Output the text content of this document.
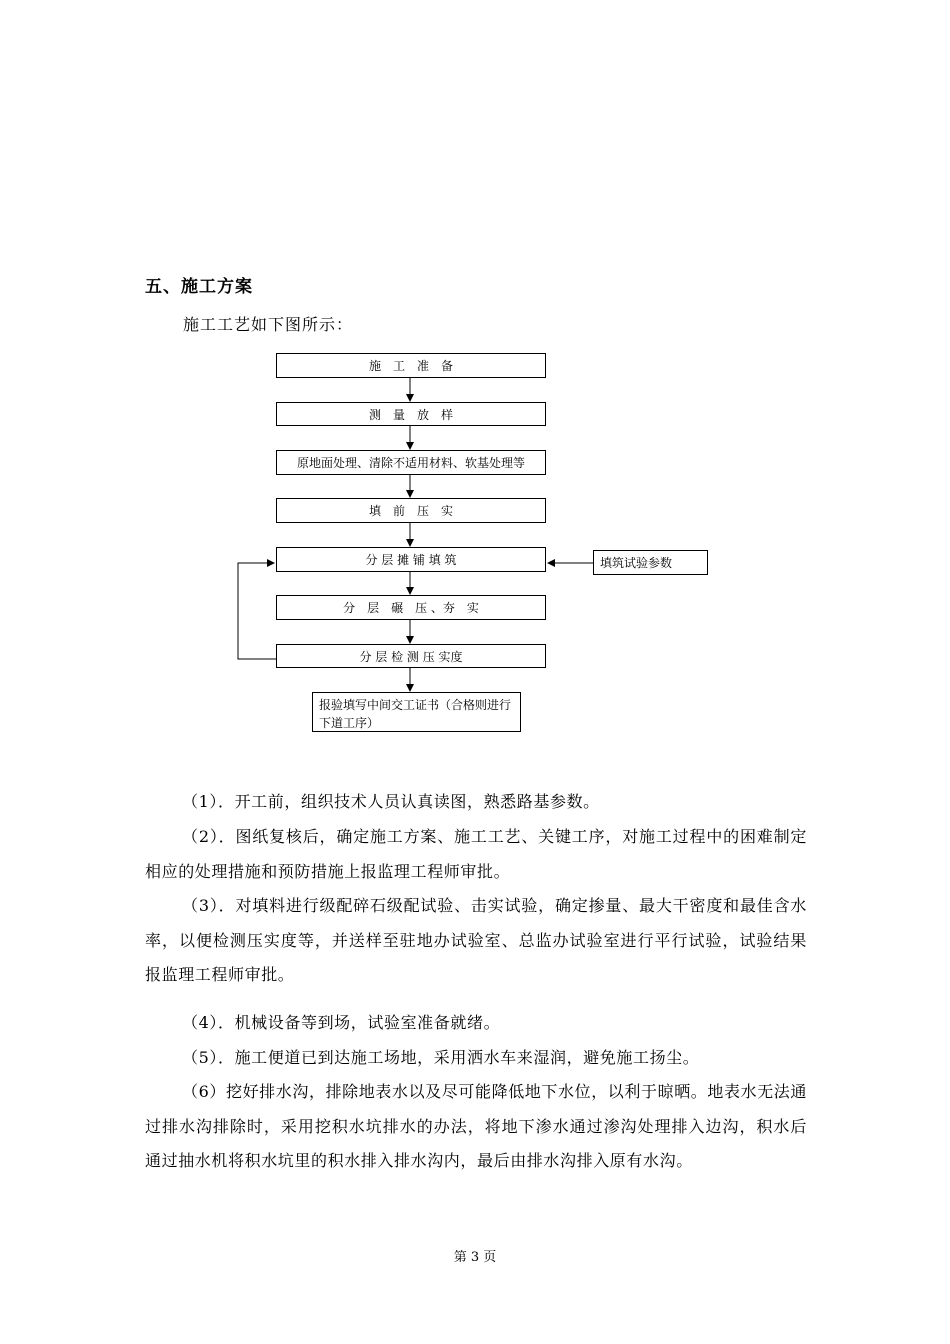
五、施工方案
施工工艺如下图所示：
施　工　准　备
测　量　放　样
原地面处理、清除不适用材料、软基处理等
填　前　压　实
分 层 摊 铺 填 筑
分　层　碾　压 、夯　实
分 层 检 测 压 实度
填筑试验参数
报验填写中间交工证书（合格则进行下道工序）
（1）．开工前，组织技术人员认真读图，熟悉路基参数。
（2）．图纸复核后，确定施工方案、施工工艺、关键工序，对施工过程中的困难制定相应的处理措施和预防措施上报监理工程师审批。
（3）．对填料进行级配碎石级配试验、击实试验，确定掺量、最大干密度和最佳含水率，以便检测压实度等，并送样至驻地办试验室、总监办试验室进行平行试验，试验结果报监理工程师审批。
（4）．机械设备等到场，试验室准备就绪。
（5）．施工便道已到达施工场地，采用洒水车来湿润，避免施工扬尘。
（6）挖好排水沟，排除地表水以及尽可能降低地下水位，以利于晾晒。地表水无法通过排水沟排除时，采用挖积水坑排水的办法，将地下渗水通过渗沟处理排入边沟，积水后通过抽水机将积水坑里的积水排入排水沟内，最后由排水沟排入原有水沟。
第 3 页
